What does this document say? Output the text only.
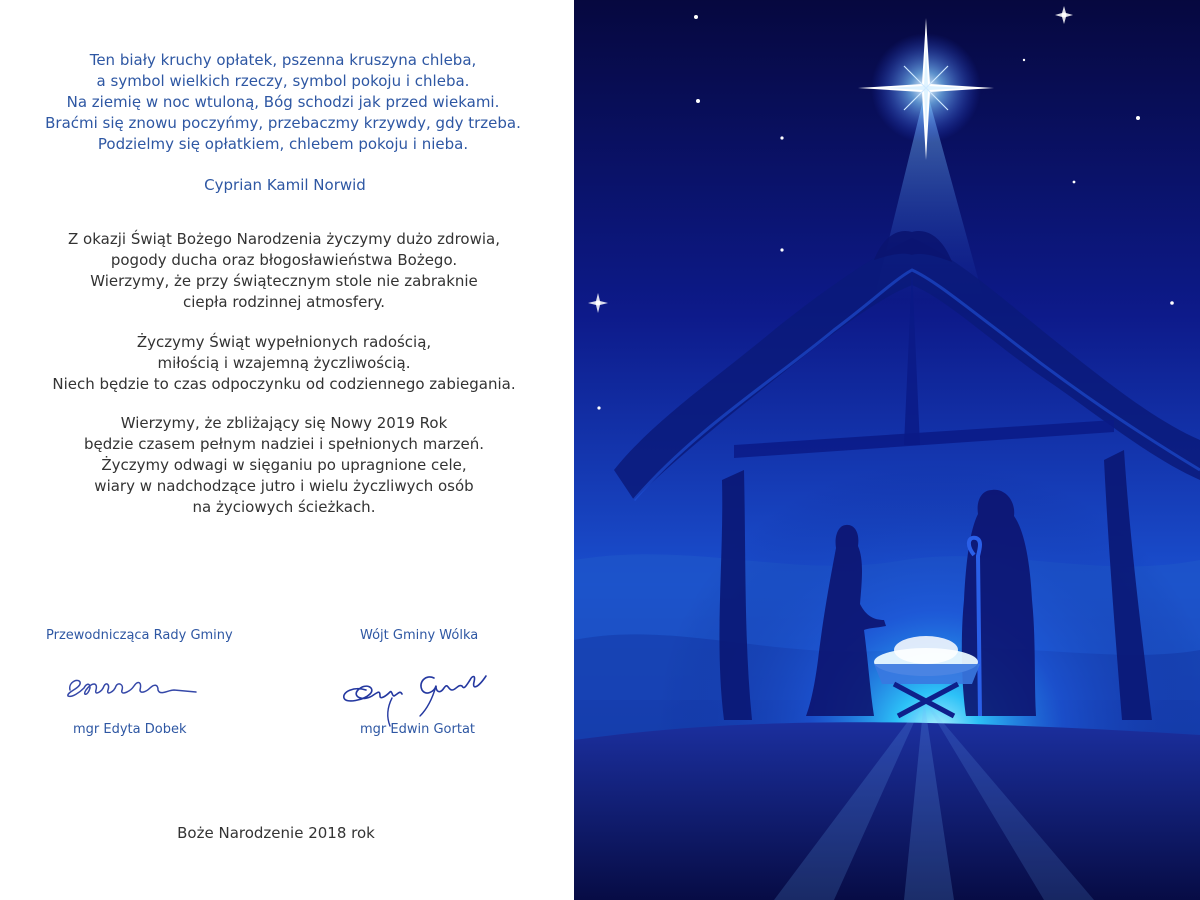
Ten biały kruchy opłatek, pszenna kruszyna chleba,
a symbol wielkich rzeczy, symbol pokoju i chleba.
Na ziemię w noc wtuloną, Bóg schodzi jak przed wiekami.
Braćmi się znowu poczyńmy, przebaczmy krzywdy, gdy trzeba.
Podzielmy się opłatkiem, chlebem pokoju i nieba.
Cyprian Kamil Norwid
Z okazji Świąt Bożego Narodzenia życzymy dużo zdrowia,
pogody ducha oraz błogosławieństwa Bożego.
Wierzymy, że przy świątecznym stole nie zabraknie
ciepła rodzinnej atmosfery.
Życzymy Świąt wypełnionych radością,
miłością i wzajemną życzliwością.
Niech będzie to czas odpoczynku od codziennego zabiegania.
Wierzymy, że zbliżający się Nowy 2019 Rok
będzie czasem pełnym nadziei i spełnionych marzeń.
Życzymy odwagi w sięganiu po upragnione cele,
wiary w nadchodzące jutro i wielu życzliwych osób
na życiowych ścieżkach.
Przewodnicząca Rady Gminy
mgr Edyta Dobek
Wójt Gminy Wólka
mgr Edwin Gortat
Boże Narodzenie 2018 rok
